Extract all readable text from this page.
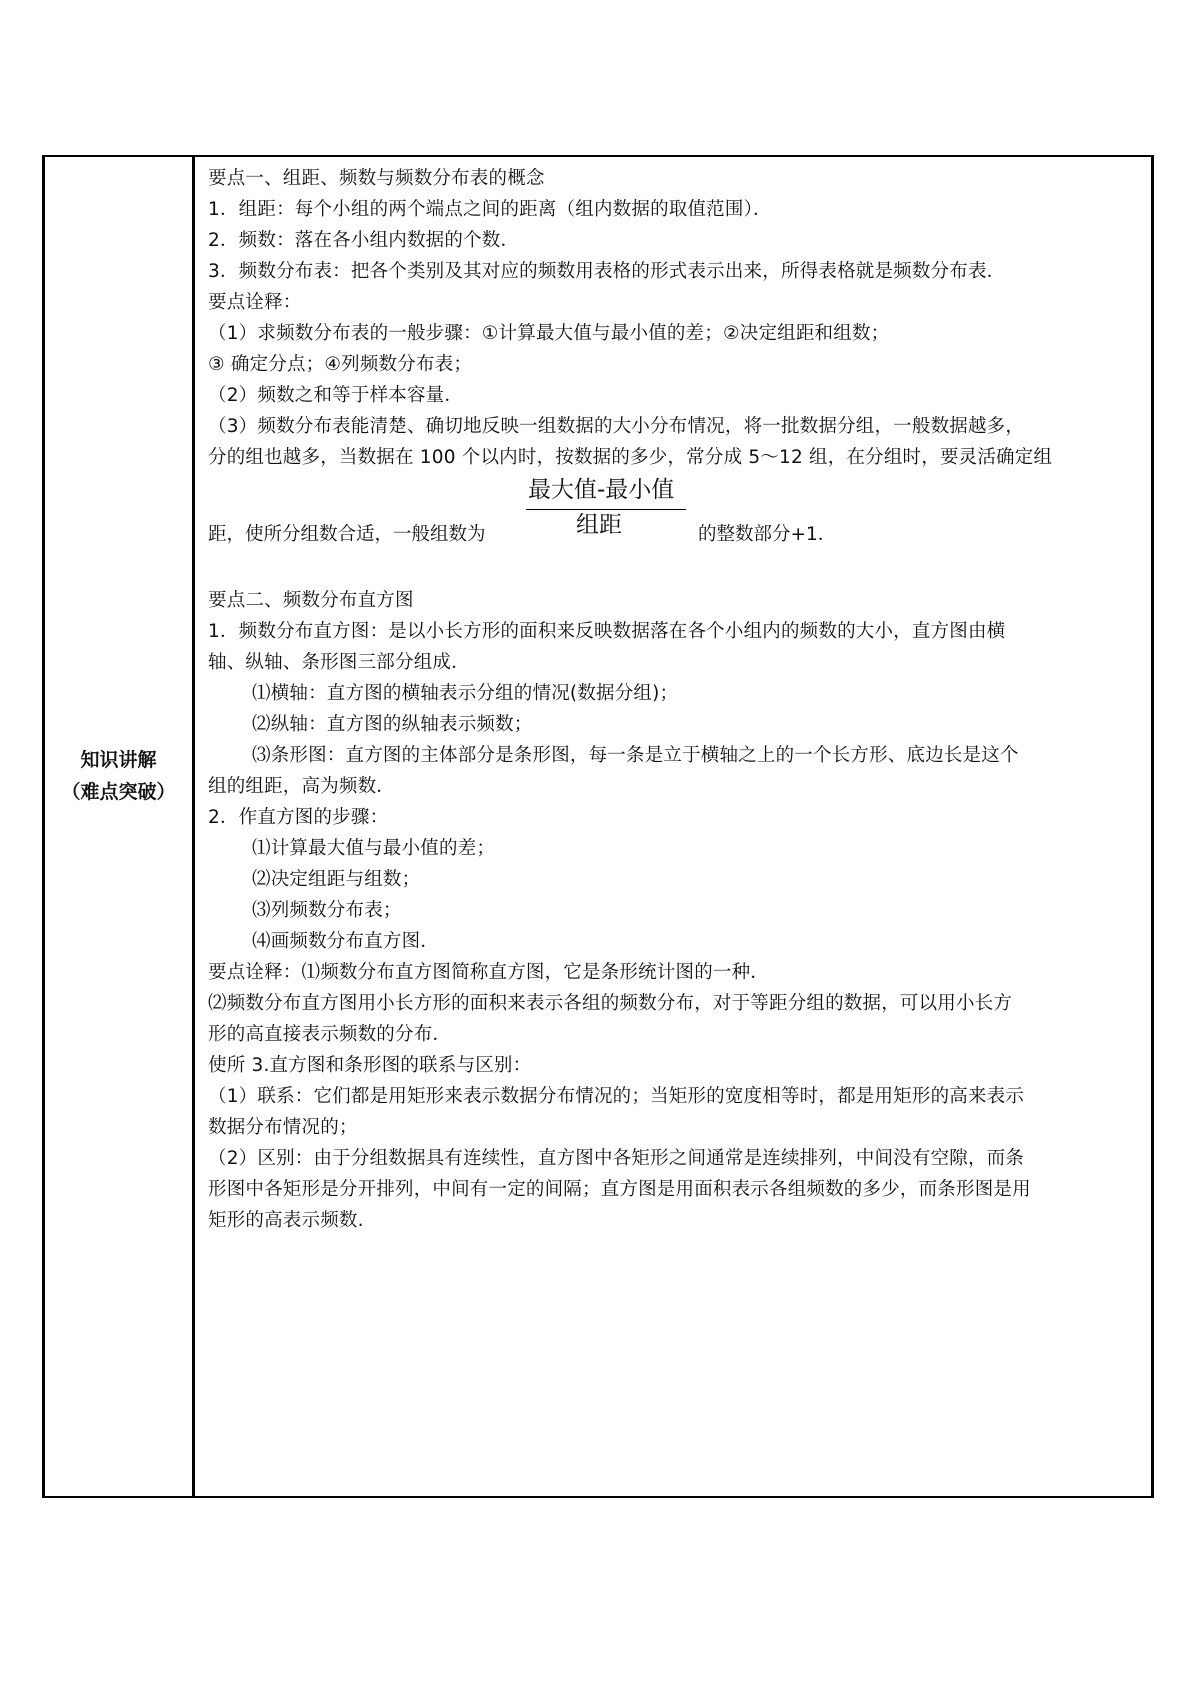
知识讲解
（难点突破）
要点一、组距、频数与频数分布表的概念
1．组距：每个小组的两个端点之间的距离（组内数据的取值范围）．
2．频数：落在各小组内数据的个数．
3．频数分布表：把各个类别及其对应的频数用表格的形式表示出来，所得表格就是频数分布表．
要点诠释：
（1）求频数分布表的一般步骤：①计算最大值与最小值的差；②决定组距和组数；
③ 确定分点；④列频数分布表；
（2）频数之和等于样本容量．
（3）频数分布表能清楚、确切地反映一组数据的大小分布情况，将一批数据分组，一般数据越多，
分的组也越多，当数据在 100 个以内时，按数据的多少，常分成 5～12 组，在分组时，要灵活确定组
最大值-最小值
组距
距，使所分组数合适，一般组数为	的整数部分+1．
要点二、频数分布直方图
1．频数分布直方图：是以小长方形的面积来反映数据落在各个小组内的频数的大小，直方图由横
轴、纵轴、条形图三部分组成．
⑴横轴：直方图的横轴表示分组的情况(数据分组)；
⑵纵轴：直方图的纵轴表示频数；
⑶条形图：直方图的主体部分是条形图，每一条是立于横轴之上的一个长方形、底边长是这个
组的组距，高为频数．
2．作直方图的步骤：
⑴计算最大值与最小值的差；
⑵决定组距与组数；
⑶列频数分布表；
⑷画频数分布直方图．
要点诠释：⑴频数分布直方图简称直方图，它是条形统计图的一种．
⑵频数分布直方图用小长方形的面积来表示各组的频数分布，对于等距分组的数据，可以用小长方
形的高直接表示频数的分布．
使所 3.直方图和条形图的联系与区别：
（1）联系：它们都是用矩形来表示数据分布情况的；当矩形的宽度相等时，都是用矩形的高来表示
数据分布情况的；
（2）区别：由于分组数据具有连续性，直方图中各矩形之间通常是连续排列，中间没有空隙，而条
形图中各矩形是分开排列，中间有一定的间隔；直方图是用面积表示各组频数的多少，而条形图是用
矩形的高表示频数.
